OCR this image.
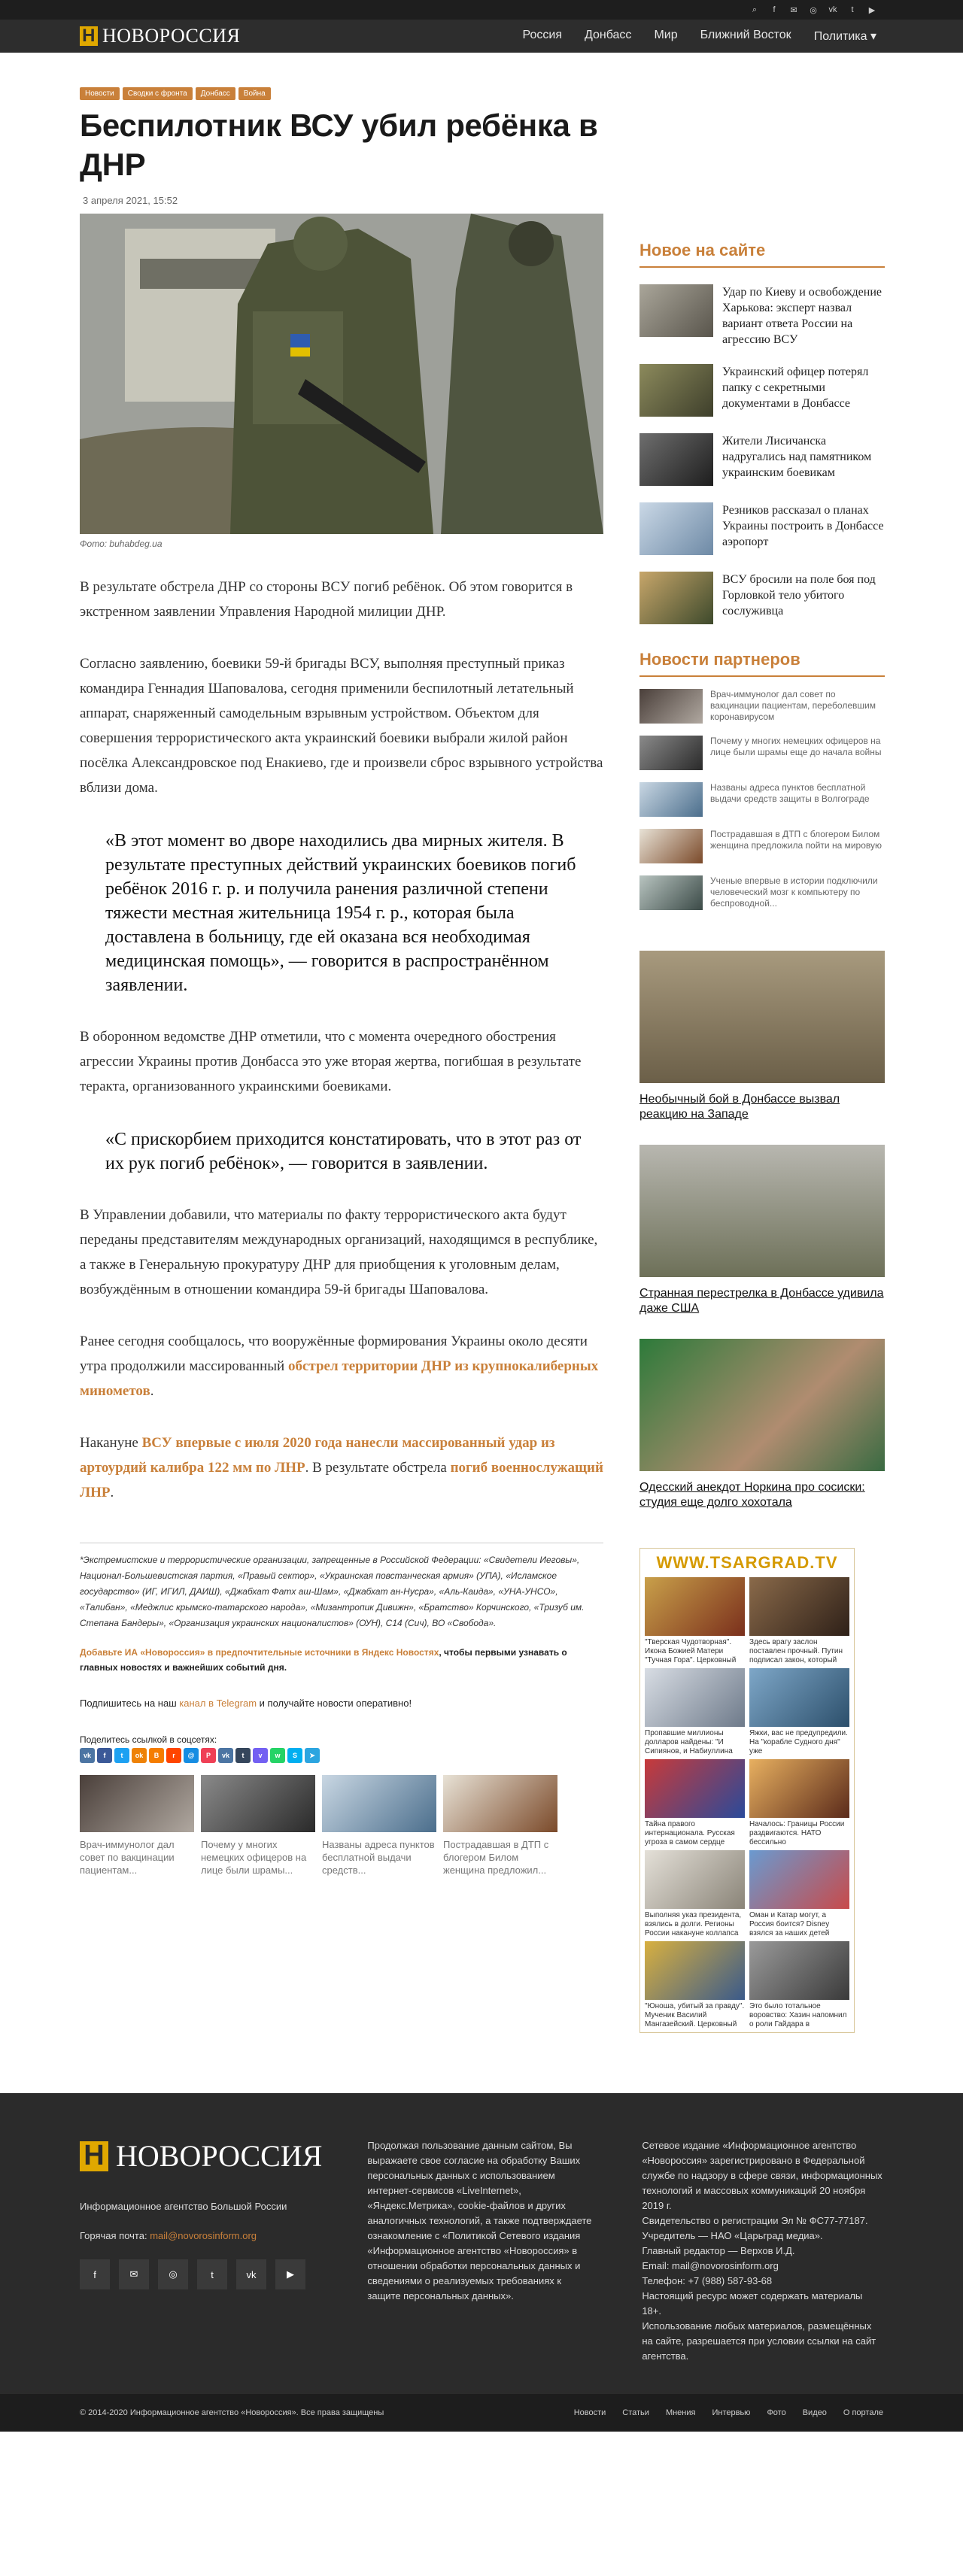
⌕	f	✉	◎	vk	t	▶
Н НОВОРОССИЯ	Россия	Донбасс	Мир	Ближний Восток	Политика ▾
Новости	Сводки с фронта	Донбасс	Война
Беспилотник ВСУ убил ребёнка в ДНР
3 апреля 2021, 15:52
Фото: buhabdeg.ua

В результате обстрела ДНР со стороны ВСУ погиб ребёнок. Об этом говорится в экстренном заявлении Управления Народной милиции ДНР.

Согласно заявлению, боевики 59-й бригады ВСУ, выполняя преступный приказ командира Геннадия Шаповалова, сегодня применили беспилотный летательный аппарат, снаряженный самодельным взрывным устройством. Объектом для совершения террористического акта украинский боевики выбрали жилой район посёлка Александровское под Енакиево, где и произвели сброс взрывного устройства вблизи дома.

«В этот момент во дворе находились два мирных жителя. В результате преступных действий украинских боевиков погиб ребёнок 2016 г. р. и получила ранения различной степени тяжести местная жительница 1954 г. р., которая была доставлена в больницу, где ей оказана вся необходимая медицинская помощь», — говорится в распространённом заявлении.

В оборонном ведомстве ДНР отметили, что с момента очередного обострения агрессии Украины против Донбасса это уже вторая жертва, погибшая в результате теракта, организованного украинскими боевиками.

«С прискорбием приходится констатировать, что в этот раз от их рук погиб ребёнок», — говорится в заявлении.

В Управлении добавили, что материалы по факту террористического акта будут переданы представителям международных организаций, находящимся в республике, а также в Генеральную прокуратуру ДНР для приобщения к уголовным делам, возбуждённым в отношении командира 59-й бригады Шаповалова.

Ранее сегодня сообщалось, что вооружённые формирования Украины около десяти утра продолжили массированный обстрел территории ДНР из крупнокалиберных минометов.

Накануне ВСУ впервые с июля 2020 года нанесли массированный удар из артоурдий калибра 122 мм по ЛНР. В результате обстрела погиб военнослужащий ЛНР.

*Экстремистские и террористические организации, запрещенные в Российской Федерации: «Свидетели Иеговы», Национал-Большевистская партия, «Правый сектор», «Украинская повстанческая армия» (УПА), «Исламское государство» (ИГ, ИГИЛ, ДАИШ), «Джабхат Фатх аш-Шам», «Джабхат ан-Нусра», «Аль-Каида», «УНА-УНСО», «Талибан», «Меджлис крымско-татарского народа», «Мизантропик Дивижн», «Братство» Корчинского, «Тризуб им. Степана Бандеры», «Организация украинских националистов» (ОУН), С14 (Сич), ВО «Свобода».
Добавьте ИА «Новороссия» в предпочтительные источники в Яндекс Новостях, чтобы первыми узнавать о главных новостях и важнейших событий дня.
Подпишитесь на наш канал в Telegram и получайте новости оперативно!
Поделитесь ссылкой в соцсетях:
vk	f	t	ok	B	r	@	P	vk	t	v	w	S	➤
Врач-иммунолог дал совет по вакцинации пациентам...
Почему у многих немецких офицеров на лице были шрамы...
Названы адреса пунктов бесплатной выдачи средств...
Пострадавшая в ДТП с блогером Билом женщина предложил...
Новое на сайте
Удар по Киеву и освобождение Харькова: эксперт назвал вариант ответа России на агрессию ВСУ
Украинский офицер потерял папку с секретными документами в Донбассе
Жители Лисичанска надругались над памятником украинским боевикам
Резников рассказал о планах Украины построить в Донбассе аэропорт
ВСУ бросили на поле боя под Горловкой тело убитого сослуживца
Новости партнеров
Врач-иммунолог дал совет по вакцинации пациентам, переболевшим коронавирусом
Почему у многих немецких офицеров на лице были шрамы еще до начала войны
Названы адреса пунктов бесплатной выдачи средств защиты в Волгограде
Пострадавшая в ДТП с блогером Билом женщина предложила пойти на мировую
Ученые впервые в истории подключили человеческий мозг к компьютеру по беспроводной...
Необычный бой в Донбассе вызвал реакцию на Западе
Странная перестрелка в Донбассе удивила даже США
Одесский анекдот Норкина про сосиски: студия еще долго хохотала
WWW.TSARGRAD.TV
"Тверская Чудотворная". Икона Божией Матери "Тучная Гора". Церковный
Здесь врагу заслон поставлен прочный. Путин подписал закон, который
Пропавшие миллионы долларов найдены: "И Сипиянов, и Набиуллина
Яжки, вас не предупредили. На "корабле Судного дня" уже
Тайна правого интернационала. Русская угроза в самом сердце
Началось: Границы России раздвигаются. НАТО бессильно
Выполняя указ президента, взялись в долги. Регионы России накануне коллапса
Оман и Катар могут, а Россия боится? Disney взялся за наших детей
"Юноша, убитый за правду". Мученик Василий Мангазейский. Церковный
Это было тотальное воровство: Хазин напомнил о роли Гайдара в
Н НОВОРОССИЯ
Информационное агентство Большой России
Горячая почта: mail@novorosinform.org
f	✉	◎	t	vk	▶
Продолжая пользование данным сайтом, Вы выражаете свое согласие на обработку Ваших персональных данных с использованием интернет-сервисов «LiveInternet», «Яндекс.Метрика», cookie-файлов и других аналогичных технологий, а также подтверждаете ознакомление с «Политикой Сетевого издания «Информационное агентство «Новороссия» в отношении обработки персональных данных и сведениями о реализуемых требованиях к защите персональных данных».
Сетевое издание «Информационное агентство «Новороссия» зарегистрировано в Федеральной службе по надзору в сфере связи, информационных технологий и массовых коммуникаций 20 ноября 2019 г.
Свидетельство о регистрации Эл № ФС77-77187.
Учредитель — НАО «Царьград медиа».
Главный редактор — Верхов И.Д.
Email: mail@novorosinform.org
Телефон: +7 (988) 587-93-68
Настоящий ресурс может содержать материалы 18+.
Использование любых материалов, размещённых на сайте, разрешается при условии ссылки на сайт агентства.
© 2014-2020 Информационное агентство «Новороссия». Все права защищены	Новости Статьи Мнения Интервью Фото Видео О портале
